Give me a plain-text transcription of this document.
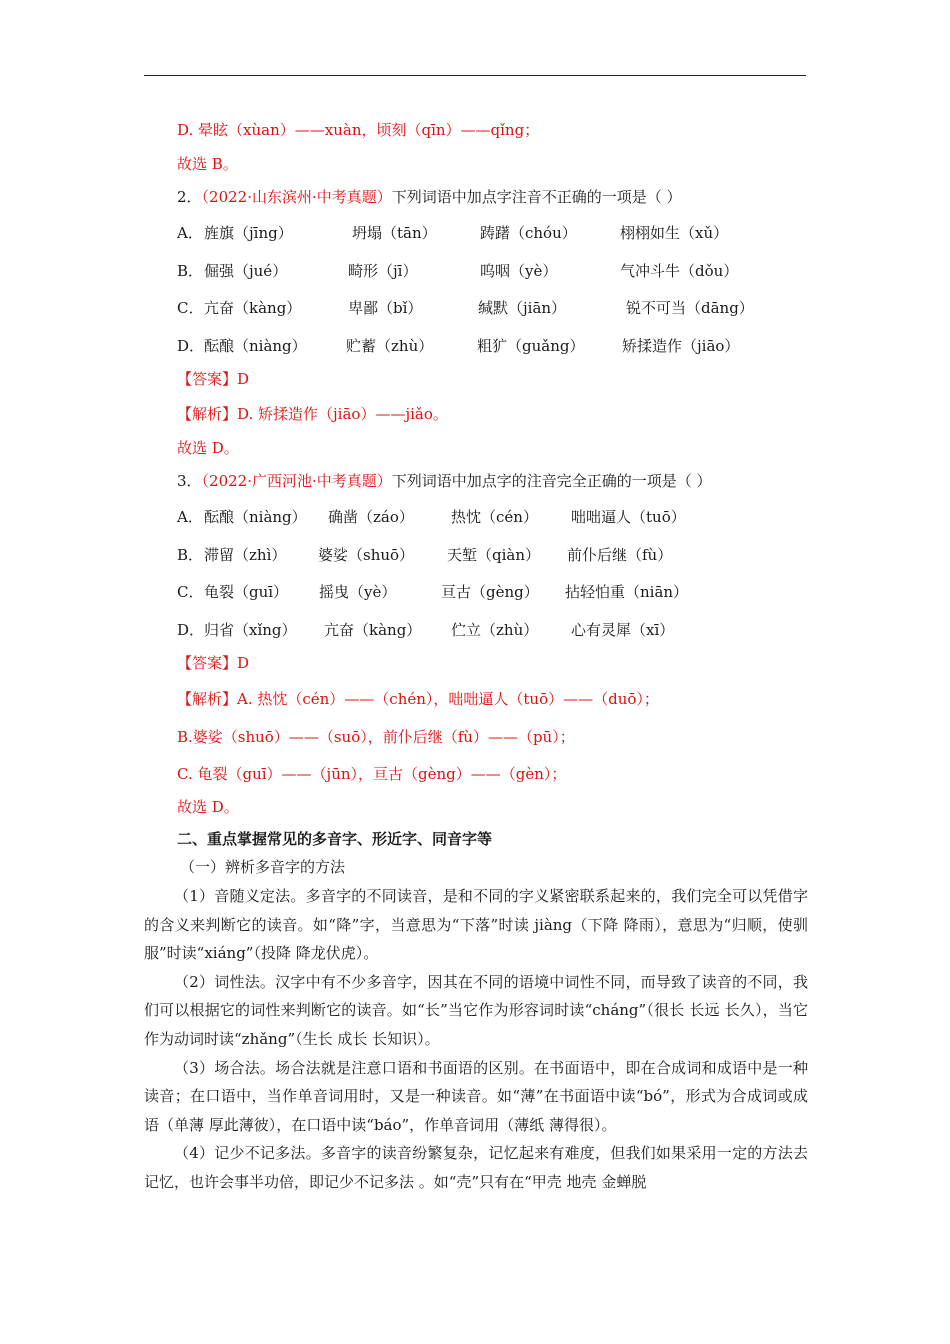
D. 晕眩（xùan）——xuàn，顷刻（qīn）——qǐng；
故选 B。
2．（2022·山东滨州·中考真题）下列词语中加点字注音不正确的一项是（ ）
A． 旌旗（jīng）	坍塌（tān）	踌躇（chóu）	栩栩如生（xǔ）
B． 倔强（jué）	畸形（jī）	呜咽（yè）	气冲斗牛（dǒu）
C． 亢奋（kàng）	卑鄙（bǐ）	缄默（jiān）	锐不可当（dāng）
D． 酝酿（niàng）	贮蓄（zhù）	粗犷（guǎng）	矫揉造作（jiāo）
【答案】D
【解析】D. 矫揉造作（jiāo）——jiǎo。
故选 D。
3．（2022·广西河池·中考真题）下列词语中加点字的注音完全正确的一项是（ ）
A． 酝酿（niàng） 确凿（záo） 热忱（cén） 咄咄逼人（tuō）
B． 滞留（zhì） 婆娑（shuō） 天堑（qiàn） 前仆后继（fù）
C． 龟裂（guī） 摇曳（yè）	亘古（gèng） 拈轻怕重（niān）
D． 归省（xǐng） 亢奋（kàng） 伫立（zhù） 心有灵犀（xī）
【答案】D
【解析】A. 热忱（cén）——（chén），咄咄逼人（tuō）——（duō）；
B.婆娑（shuō）——（suō），前仆后继（fù）——（pū）；
C. 龟裂（guī）——（jūn），亘古（gèng）——（gèn）；
故选 D。
二、重点掌握常见的多音字、形近字、同音字等
（一）辨析多音字的方法

（1）音随义定法。多音字的不同读音，是和不同的字义紧密联系起来的，我们完全可以凭借字的含义来判断它的读音。如“降”字，当意思为“下落”时读 jiàng（下降 降雨），意思为“归顺，使驯服”时读“xiáng”（投降 降龙伏虎）。

（2）词性法。汉字中有不少多音字，因其在不同的语境中词性不同，而导致了读音的不同，我们可以根据它的词性来判断它的读音。如“长”当它作为形容词时读“cháng”（很长 长远 长久），当它作为动词时读“zhǎng”（生长 成长 长知识）。

（3）场合法。场合法就是注意口语和书面语的区别。在书面语中，即在合成词和成语中是一种读音；在口语中，当作单音词用时，又是一种读音。如“薄”在书面语中读“bó”，形式为合成词或成语（单薄 厚此薄彼），在口语中读“báo”，作单音词用（薄纸 薄得很）。

（4）记少不记多法。多音字的读音纷繁复杂，记忆起来有难度，但我们如果采用一定的方法去记忆，也许会事半功倍，即记少不记多法 。如“壳”只有在“甲壳 地壳 金蝉脱
